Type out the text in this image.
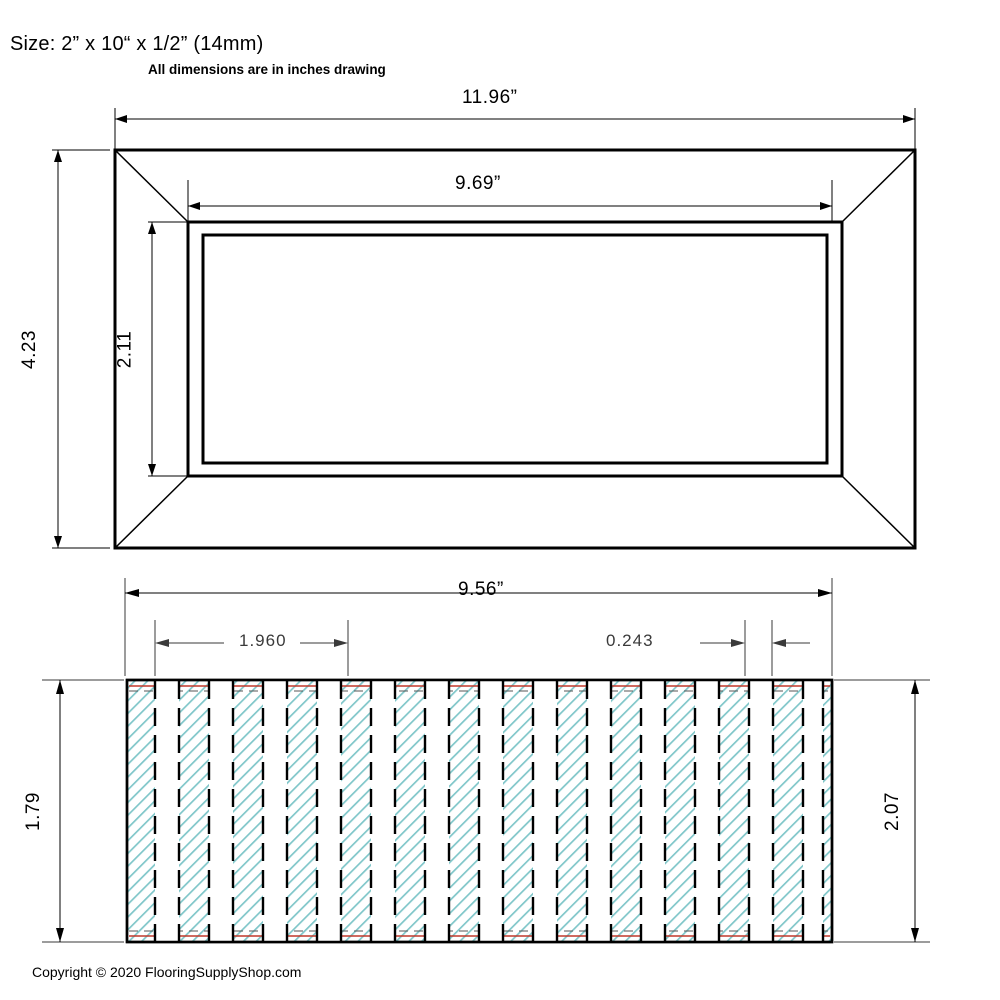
Size: 2” x 10“ x 1/2” (14mm)
All dimensions are in inches drawing
11.96”
9.69”
4.23	2.11
9.56”
1.960	0.243
1.79	2.07
Copyright © 2020 FlooringSupplyShop.com
